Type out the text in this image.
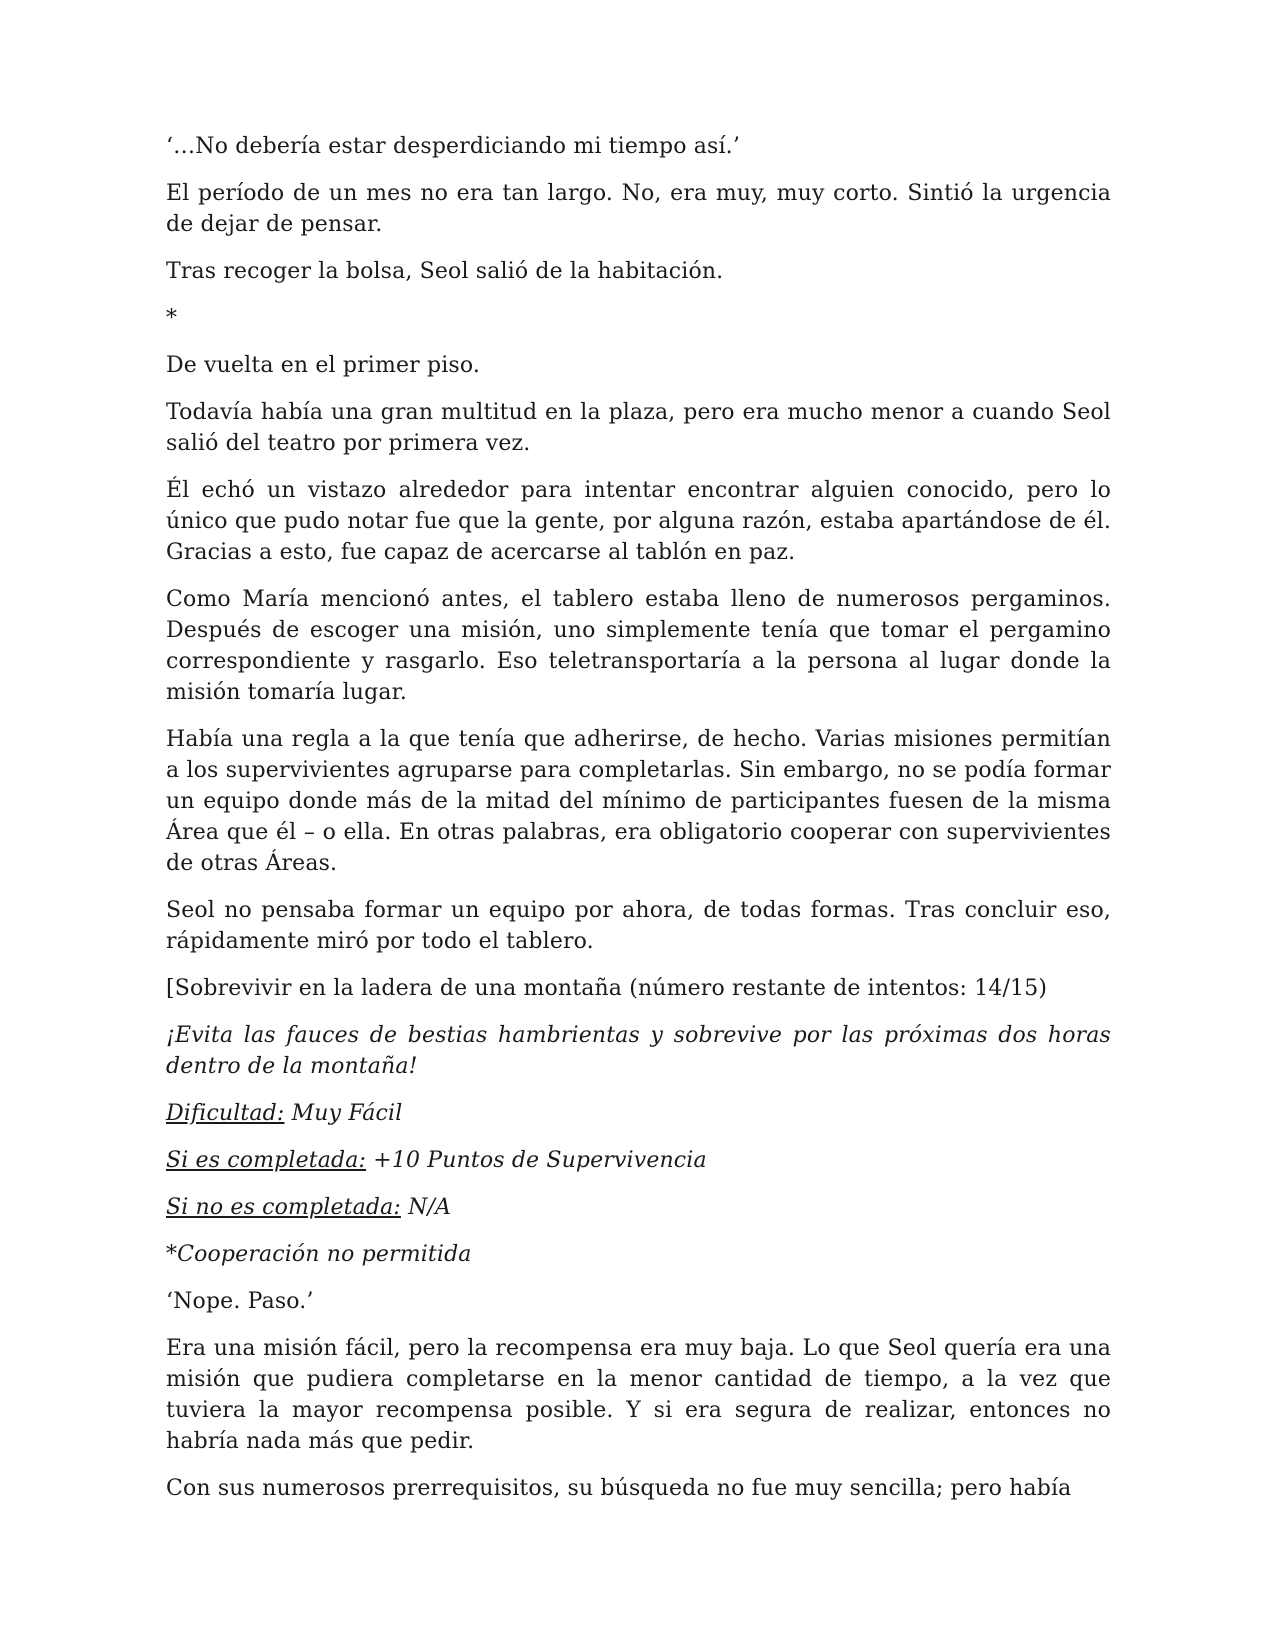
‘…No debería estar desperdiciando mi tiempo así.’

El período de un mes no era tan largo. No, era muy, muy corto. Sintió la urgencia de dejar de pensar.

Tras recoger la bolsa, Seol salió de la habitación.

*

De vuelta en el primer piso.

Todavía había una gran multitud en la plaza, pero era mucho menor a cuando Seol salió del teatro por primera vez.

Él echó un vistazo alrededor para intentar encontrar alguien conocido, pero lo único que pudo notar fue que la gente, por alguna razón, estaba apartándose de él. Gracias a esto, fue capaz de acercarse al tablón en paz.

Como María mencionó antes, el tablero estaba lleno de numerosos pergaminos. Después de escoger una misión, uno simplemente tenía que tomar el pergamino correspondiente y rasgarlo. Eso teletransportaría a la persona al lugar donde la misión tomaría lugar.

Había una regla a la que tenía que adherirse, de hecho. Varias misiones permitían a los supervivientes agruparse para completarlas. Sin embargo, no se podía formar un equipo donde más de la mitad del mínimo de participantes fuesen de la misma Área que él – o ella. En otras palabras, era obligatorio cooperar con supervivientes de otras Áreas.

Seol no pensaba formar un equipo por ahora, de todas formas. Tras concluir eso, rápidamente miró por todo el tablero.

[Sobrevivir en la ladera de una montaña (número restante de intentos: 14/15)

¡Evita las fauces de bestias hambrientas y sobrevive por las próximas dos horas dentro de la montaña!

Dificultad: Muy Fácil

Si es completada: +10 Puntos de Supervivencia

Si no es completada: N/A

*Cooperación no permitida

‘Nope. Paso.’

Era una misión fácil, pero la recompensa era muy baja. Lo que Seol quería era una misión que pudiera completarse en la menor cantidad de tiempo, a la vez que tuviera la mayor recompensa posible. Y si era segura de realizar, entonces no habría nada más que pedir.

Con sus numerosos prerrequisitos, su búsqueda no fue muy sencilla; pero había
